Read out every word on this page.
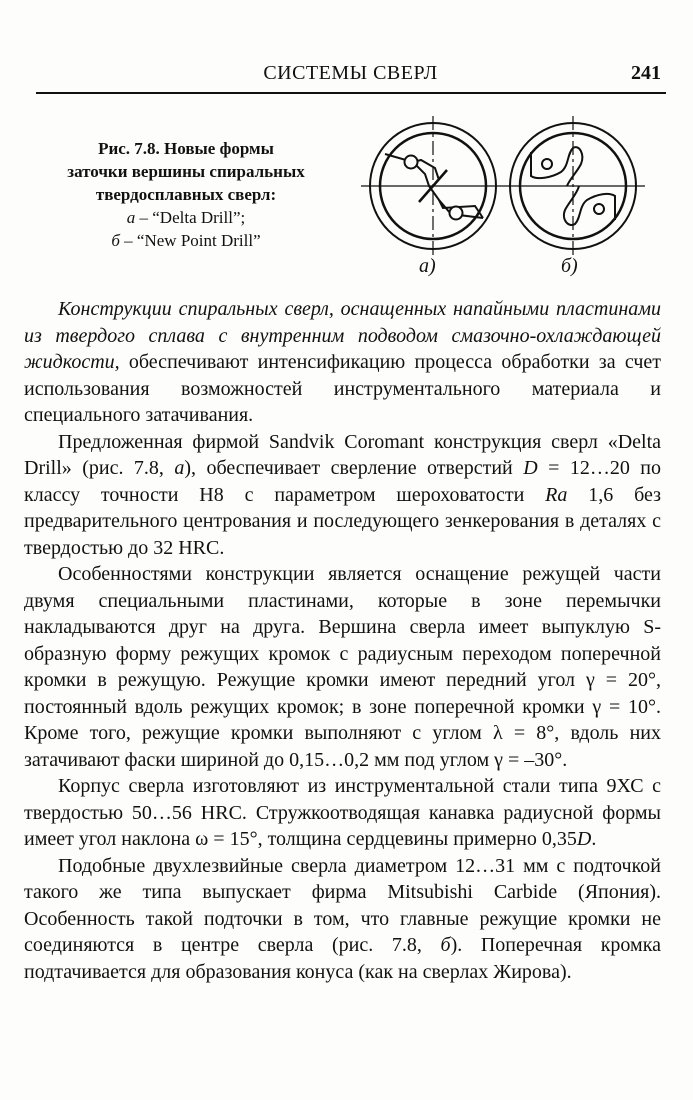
СИСТЕМЫ СВЕРЛ	241
Рис. 7.8. Новые формы
заточки вершины спиральных
твердосплавных сверл:
а – “Delta Drill”;
б – “New Point Drill”
а)	б)

Конструкции спиральных сверл, оснащенных напайными пластинами из твердого сплава с внутренним подводом смазочно-охлаждающей жидкости, обеспечивают интенсификацию процесса обработки за счет использования возможностей инструментального материала и специального затачивания.

Предложенная фирмой Sandvik Coromant конструкция сверл «Delta Drill» (рис. 7.8, а), обеспечивает сверление отверстий D = 12…20 по классу точности H8 с параметром шероховатости Ra 1,6 без предварительного центрования и последующего зенкерования в деталях с твердостью до 32 HRC.

Особенностями конструкции является оснащение режущей части двумя специальными пластинами, которые в зоне перемычки накладываются друг на друга. Вершина сверла имеет выпуклую S-образную форму режущих кромок с радиусным переходом поперечной кромки в режущую. Режущие кромки имеют передний угол γ = 20°, постоянный вдоль режущих кромок; в зоне поперечной кромки γ = 10°. Кроме того, режущие кромки выполняют с углом λ = 8°, вдоль них затачивают фаски шириной до 0,15…0,2 мм под углом γ = –30°.

Корпус сверла изготовляют из инструментальной стали типа 9ХС с твердостью 50…56 HRC. Стружкоотводящая канавка радиусной формы имеет угол наклона ω = 15°, толщина сердцевины примерно 0,35D.

Подобные двухлезвийные сверла диаметром 12…31 мм с подточкой такого же типа выпускает фирма Mitsubishi Carbide (Япония). Особенность такой подточки в том, что главные режущие кромки не соединяются в центре сверла (рис. 7.8, б). Поперечная кромка подтачивается для образования конуса (как на сверлах Жирова).
